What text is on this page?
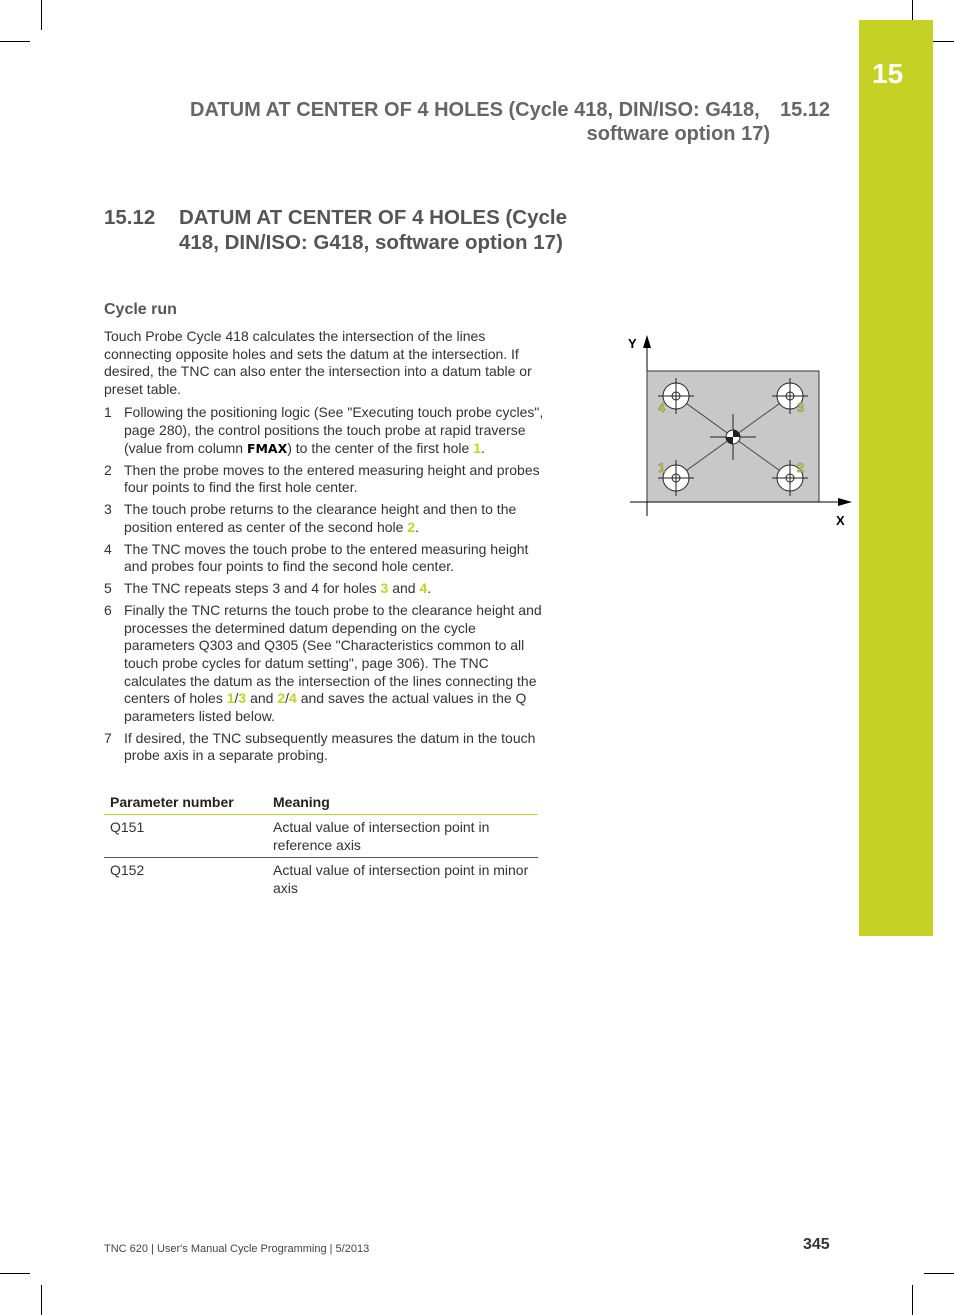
15
DATUM AT CENTER OF 4 HOLES (Cycle 418, DIN/ISO: G418,
software option 17)
15.12
15.12 DATUM AT CENTER OF 4 HOLES (Cycle 418, DIN/ISO: G418, software option 17)
Cycle run

Touch Probe Cycle 418 calculates the intersection of the lines connecting opposite holes and sets the datum at the intersection. If desired, the TNC can also enter the intersection into a datum table or preset table.

1 Following the positioning logic (See "Executing touch probe cycles", page 280), the control positions the touch probe at rapid traverse (value from column FMAX) to the center of the first hole 1.
2 Then the probe moves to the entered measuring height and probes four points to find the first hole center.
3 The touch probe returns to the clearance height and then to the position entered as center of the second hole 2.
4 The TNC moves the touch probe to the entered measuring height and probes four points to find the second hole center.
5 The TNC repeats steps 3 and 4 for holes 3 and 4.
6 Finally the TNC returns the touch probe to the clearance height and processes the determined datum depending on the cycle parameters Q303 and Q305 (See "Characteristics common to all touch probe cycles for datum setting", page 306). The TNC calculates the datum as the intersection of the lines connecting the centers of holes 1/3 and 2/4 and saves the actual values in the Q parameters listed below.
7 If desired, the TNC subsequently measures the datum in the touch probe axis in a separate probing.
Parameter number	Meaning
Q151	Actual value of intersection point in reference axis
Q152	Actual value of intersection point in minor axis
Y
X
4	3
1	2
TNC 620 | User's Manual Cycle Programming | 5/2013	345
